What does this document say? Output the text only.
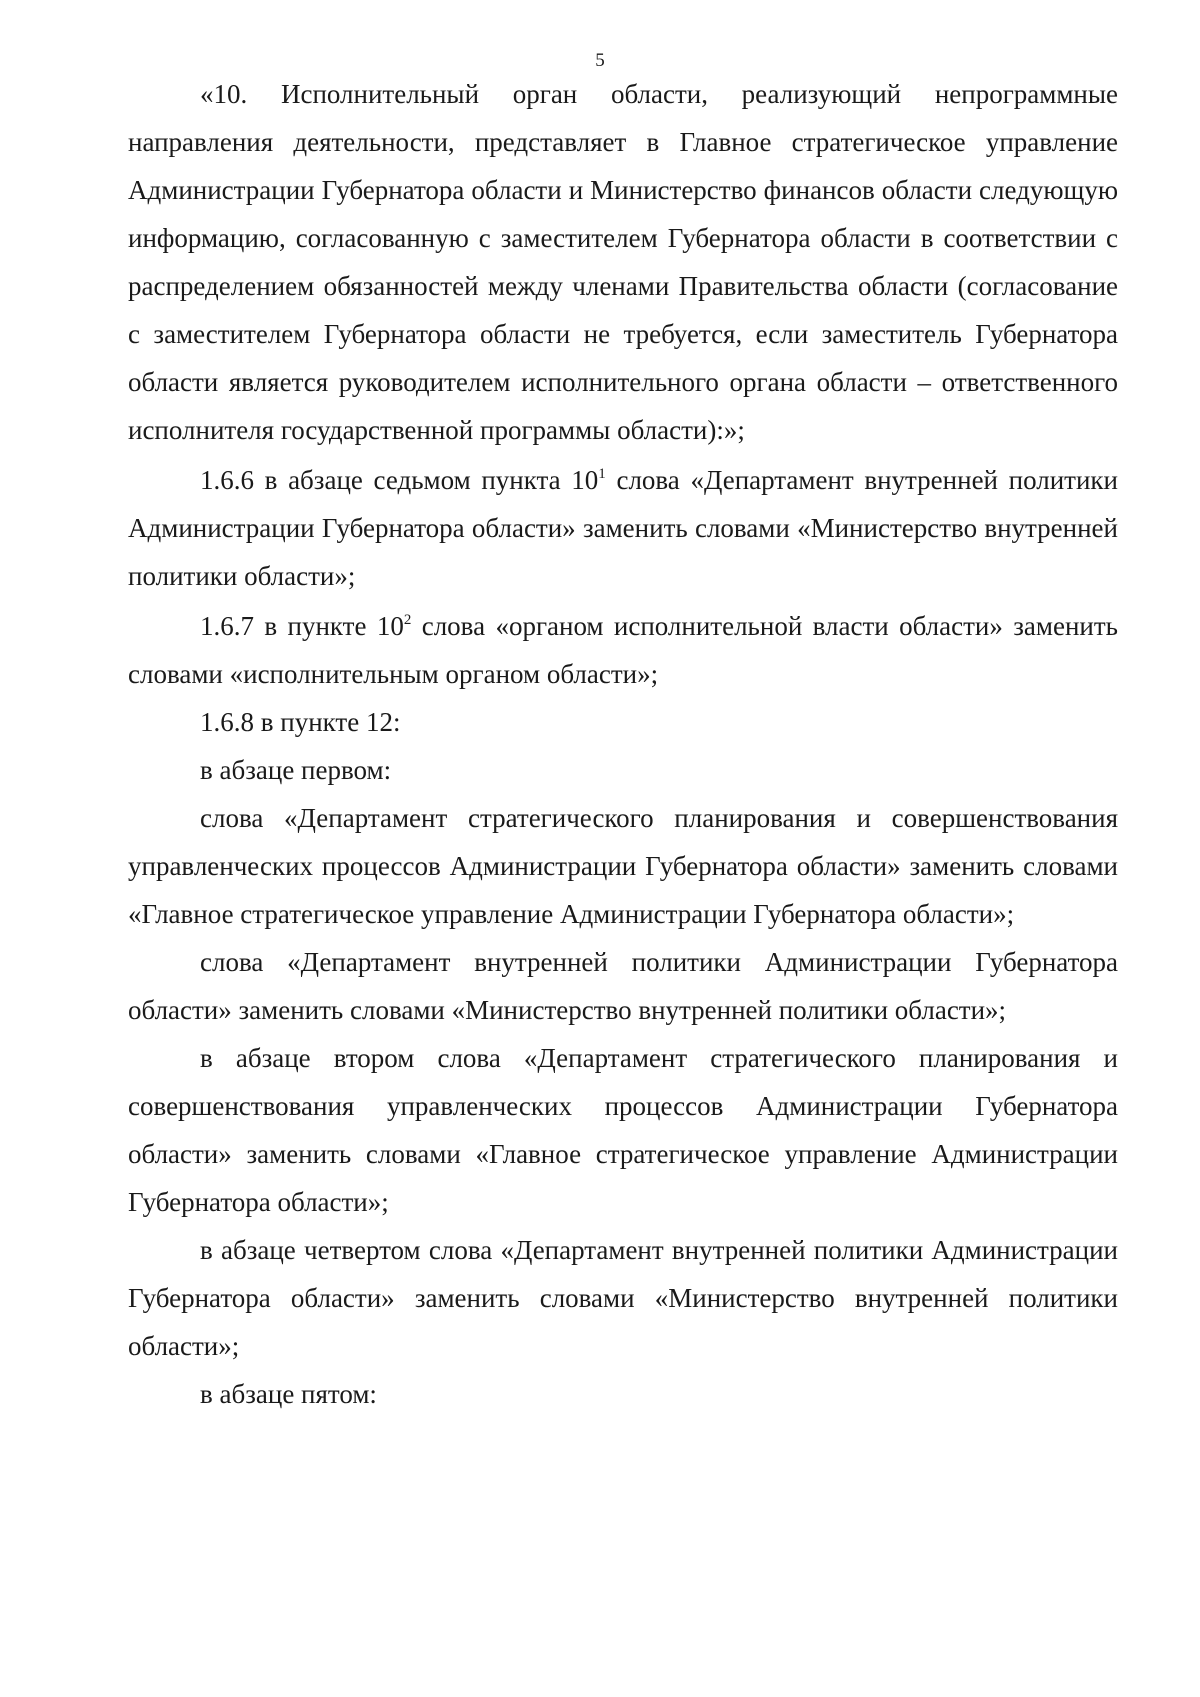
5

«10. Исполнительный орган области, реализующий непрограммные направления деятельности, представляет в Главное стратегическое управление Администрации Губернатора области и Министерство финансов области следующую информацию, согласованную с заместителем Губернатора области в соответствии с распределением обязанностей между членами Правительства области (согласование с заместителем Губернатора области не требуется, если заместитель Губернатора области является руководителем исполнительного органа области – ответственного исполнителя государственной программы области):»;

1.6.6 в абзаце седьмом пункта $10^1$ слова «Департамент внутренней политики Администрации Губернатора области» заменить словами «Министерство внутренней политики области»;

1.6.7 в пункте $10^2$ слова «органом исполнительной власти области» заменить словами «исполнительным органом области»;

1.6.8 в пункте 12:

в абзаце первом:

слова «Департамент стратегического планирования и совершенствования управленческих процессов Администрации Губернатора области» заменить словами «Главное стратегическое управление Администрации Губернатора области»;

слова «Департамент внутренней политики Администрации Губернатора области» заменить словами «Министерство внутренней политики области»;

в абзаце втором слова «Департамент стратегического планирования и совершенствования управленческих процессов Администрации Губернатора области» заменить словами «Главное стратегическое управление Администрации Губернатора области»;

в абзаце четвертом слова «Департамент внутренней политики Администрации Губернатора области» заменить словами «Министерство внутренней политики области»;

в абзаце пятом:
